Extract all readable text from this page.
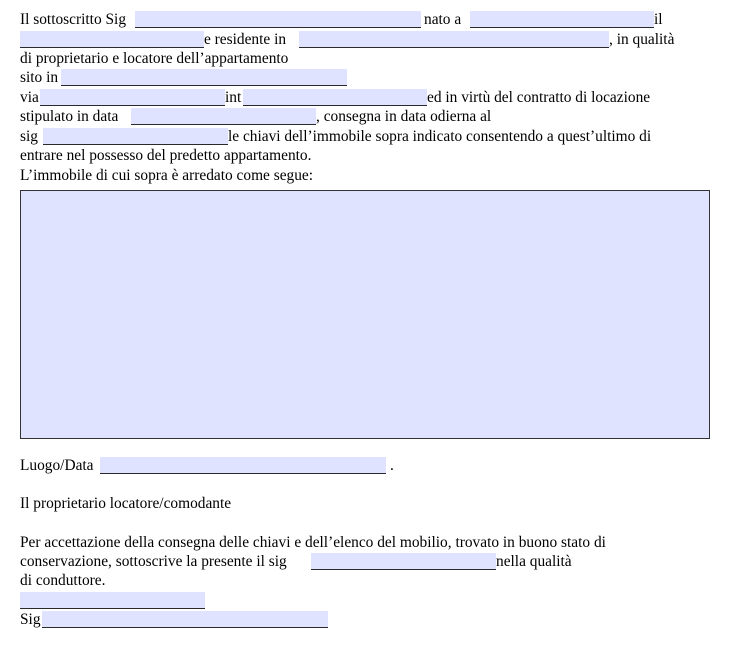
Il sottoscritto Sig	nato a	il
e residente in	, in qualità
di proprietario e locatore dell’appartamento
sito in
via	int	ed in virtù del contratto di locazione
stipulato in data	, consegna in data odierna al
sig	le chiavi dell’immobile sopra indicato consentendo a quest’ultimo di
entrare nel possesso del predetto appartamento.
L’immobile di cui sopra è arredato come segue:
Luogo/Data	.
Il proprietario locatore/comodante
Per accettazione della consegna delle chiavi e dell’elenco del mobilio, trovato in buono stato di
conservazione, sottoscrive la presente il sig	nella qualità
di conduttore.
Sig
